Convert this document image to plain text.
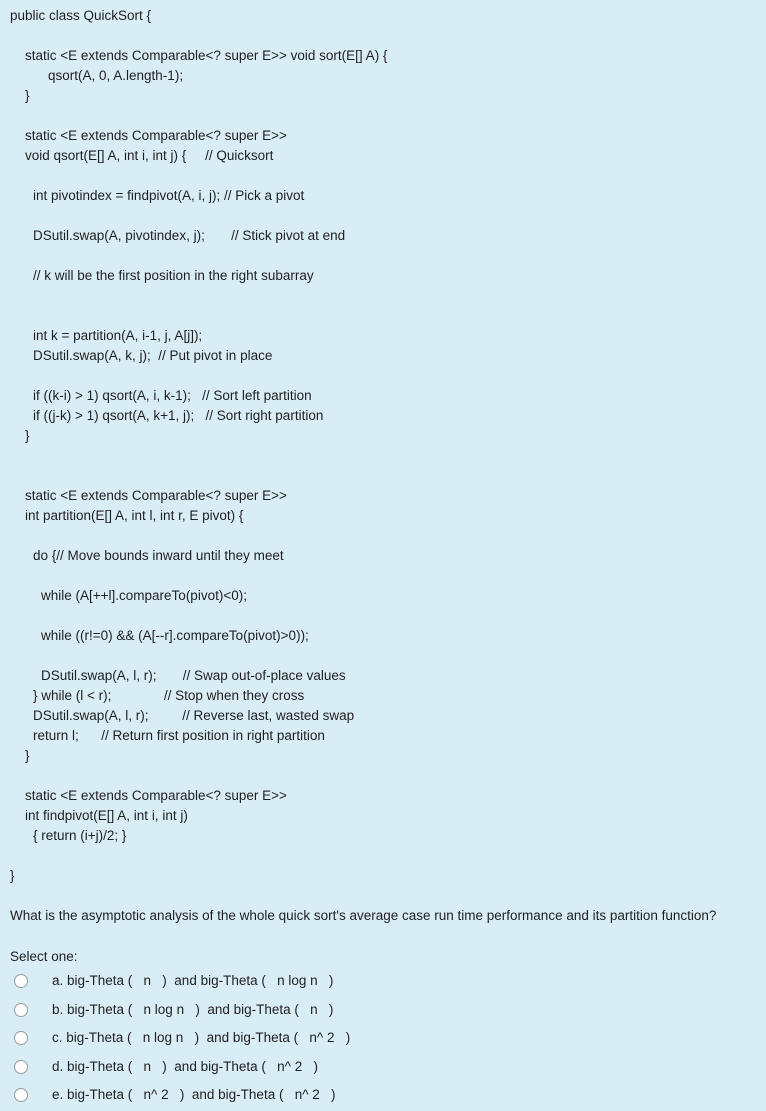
public class QuickSort {
static <E extends Comparable<? super E>> void sort(E[] A) {
qsort(A, 0, A.length-1);
}
static <E extends Comparable<? super E>>
void qsort(E[] A, int i, int j) {     // Quicksort
int pivotindex = findpivot(A, i, j); // Pick a pivot
DSutil.swap(A, pivotindex, j);       // Stick pivot at end
// k will be the first position in the right subarray
int k = partition(A, i-1, j, A[j]);
DSutil.swap(A, k, j);  // Put pivot in place
if ((k-i) > 1) qsort(A, i, k-1);   // Sort left partition
if ((j-k) > 1) qsort(A, k+1, j);   // Sort right partition
}
static <E extends Comparable<? super E>>
int partition(E[] A, int l, int r, E pivot) {
do {// Move bounds inward until they meet
while (A[++l].compareTo(pivot)<0);
while ((r!=0) && (A[--r].compareTo(pivot)>0));
DSutil.swap(A, l, r);       // Swap out-of-place values
} while (l < r);              // Stop when they cross
DSutil.swap(A, l, r);         // Reverse last, wasted swap
return l;      // Return first position in right partition
}
static <E extends Comparable<? super E>>
int findpivot(E[] A, int i, int j)
{ return (i+j)/2; }
}
What is the asymptotic analysis of the whole quick sort's average case run time performance and its partition function?
Select one:
a. big-Theta (   n   )  and big-Theta (   n log n   )
b. big-Theta (   n log n   )  and big-Theta (   n   )
c. big-Theta (   n log n   )  and big-Theta (   n^ 2   )
d. big-Theta (   n   )  and big-Theta (   n^ 2   )
e. big-Theta (   n^ 2   )  and big-Theta (   n^ 2   )
